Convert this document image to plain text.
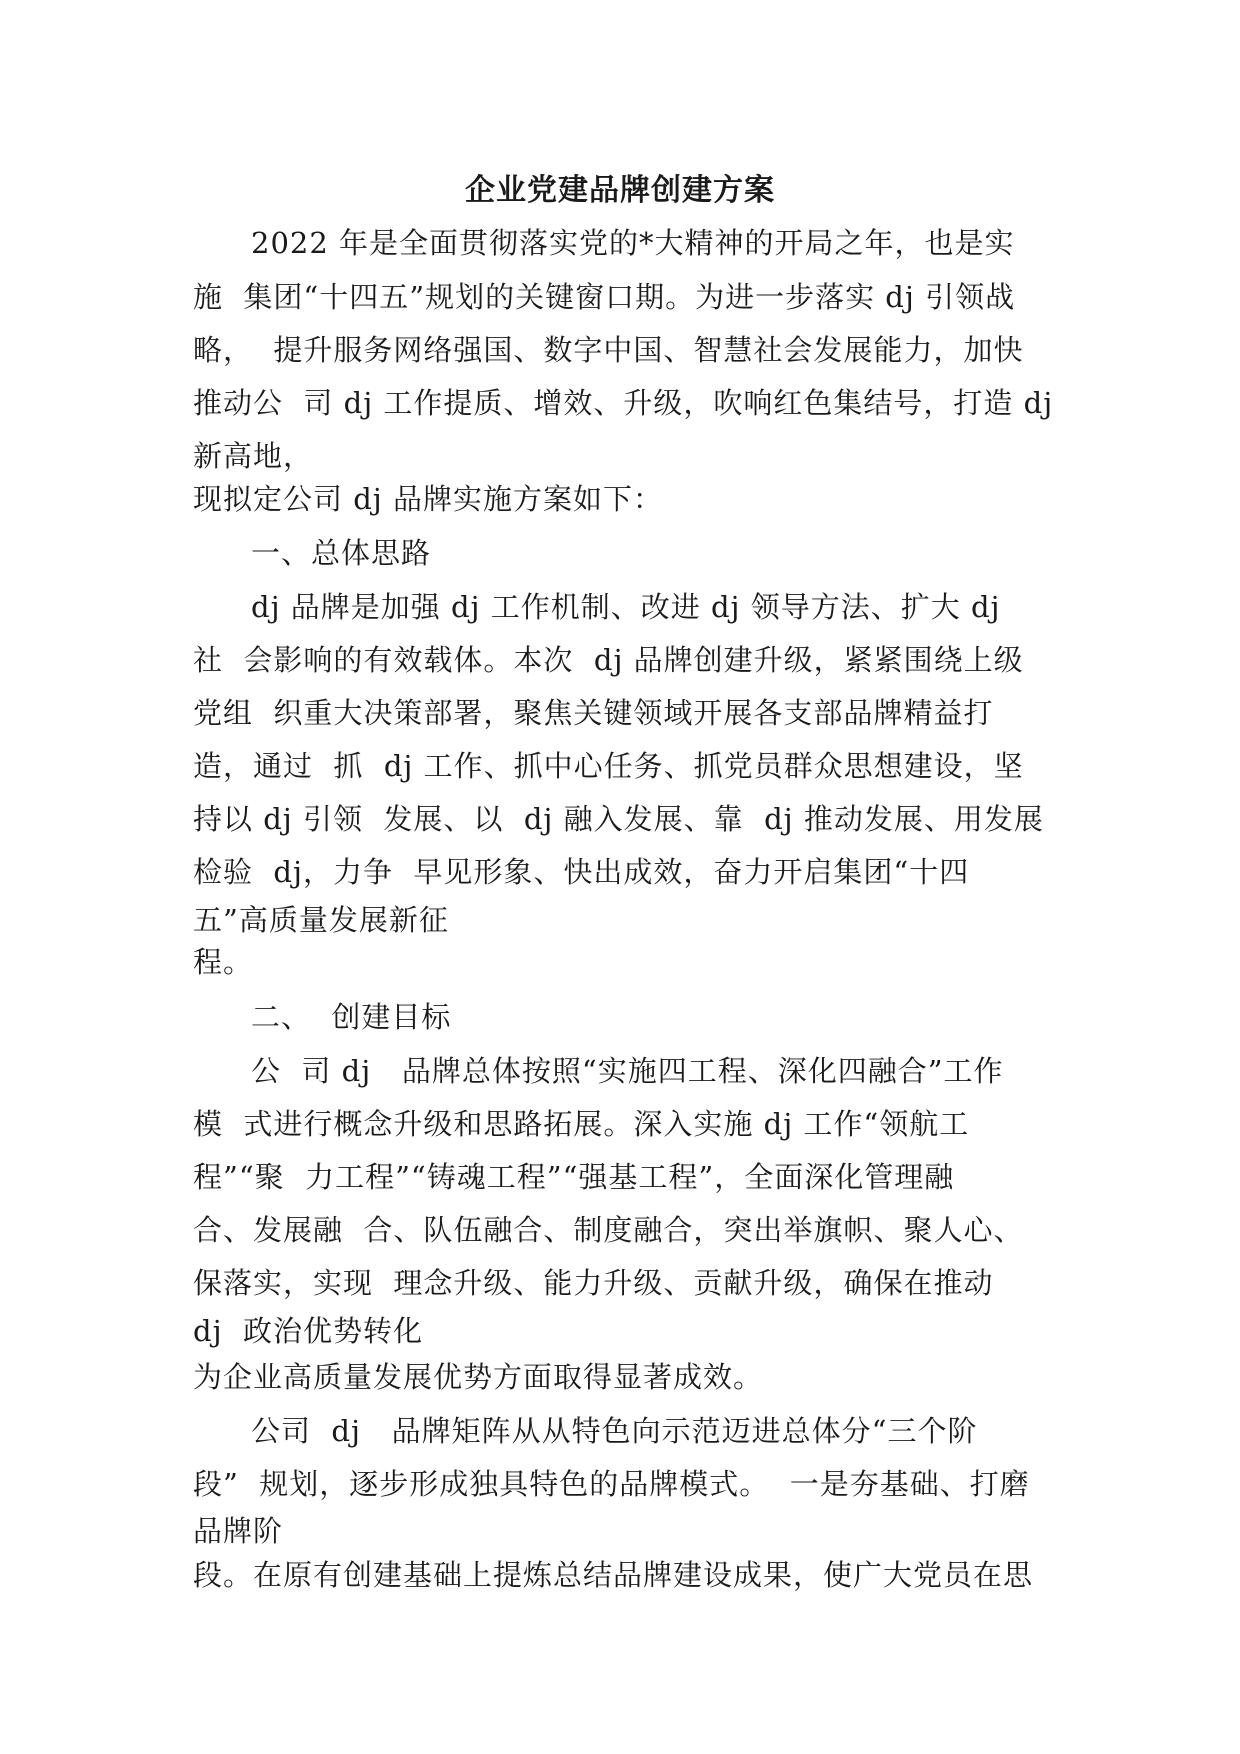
企业党建品牌创建方案
2022 年是全面贯彻落实党的*大精神的开局之年，也是实
施  集团“十四五”规划的关键窗口期。为进一步落实 dj 引领战
略，  提升服务网络强国、数字中国、智慧社会发展能力，加快
推动公  司 dj 工作提质、增效、升级，吹响红色集结号，打造 dj
新高地，
现拟定公司 dj 品牌实施方案如下：
一、总体思路
dj 品牌是加强 dj 工作机制、改进 dj 领导方法、扩大 dj
社  会影响的有效载体。本次  dj 品牌创建升级，紧紧围绕上级
党组  织重大决策部署，聚焦关键领域开展各支部品牌精益打
造，通过  抓  dj 工作、抓中心任务、抓党员群众思想建设，坚
持以 dj 引领  发展、以  dj 融入发展、靠  dj 推动发展、用发展
检验  dj，力争  早见形象、快出成效，奋力开启集团“十四
五”高质量发展新征
程。
二、  创建目标
公  司 dj   品牌总体按照“实施四工程、深化四融合”工作
模  式进行概念升级和思路拓展。深入实施 dj 工作“领航工
程”“聚  力工程”“铸魂工程”“强基工程”，全面深化管理融
合、发展融  合、队伍融合、制度融合，突出举旗帜、聚人心、
保落实，实现  理念升级、能力升级、贡献升级，确保在推动
dj  政治优势转化
为企业高质量发展优势方面取得显著成效。
公司  dj   品牌矩阵从从特色向示范迈进总体分“三个阶
段”  规划，逐步形成独具特色的品牌模式。  一是夯基础、打磨
品牌阶
段。在原有创建基础上提炼总结品牌建设成果，使广大党员在思
